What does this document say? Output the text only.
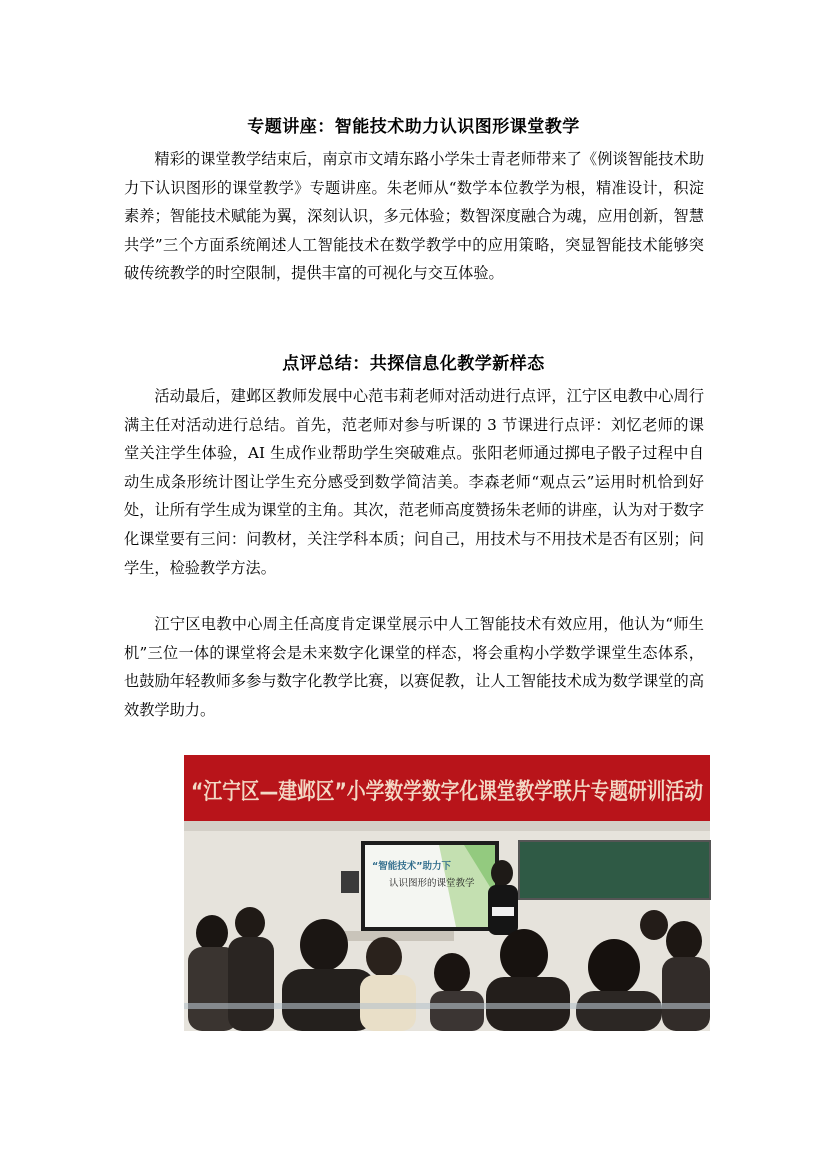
专题讲座：智能技术助力认识图形课堂教学

精彩的课堂教学结束后，南京市文靖东路小学朱士青老师带来了《例谈智能技术助力下认识图形的课堂教学》专题讲座。朱老师从“数学本位教学为根，精准设计，积淀素养；智能技术赋能为翼，深刻认识，多元体验；数智深度融合为魂，应用创新，智慧共学”三个方面系统阐述人工智能技术在数学教学中的应用策略，突显智能技术能够突破传统教学的时空限制，提供丰富的可视化与交互体验。

点评总结：共探信息化教学新样态

活动最后，建邺区教师发展中心范韦莉老师对活动进行点评，江宁区电教中心周行满主任对活动进行总结。首先，范老师对参与听课的 3 节课进行点评：刘忆老师的课堂关注学生体验，AI 生成作业帮助学生突破难点。张阳老师通过掷电子骰子过程中自动生成条形统计图让学生充分感受到数学简洁美。李森老师“观点云”运用时机恰到好处，让所有学生成为课堂的主角。其次，范老师高度赞扬朱老师的讲座，认为对于数字化课堂要有三问：问教材，关注学科本质；问自己，用技术与不用技术是否有区别；问学生，检验教学方法。

江宁区电教中心周主任高度肯定课堂展示中人工智能技术有效应用，他认为“师生机”三位一体的课堂将会是未来数字化课堂的样态，将会重构小学数学课堂生态体系，也鼓励年轻教师多参与数字化教学比赛，以赛促教，让人工智能技术成为数学课堂的高效教学助力。

“江宁区—建邺区”小学数学数字化课堂教学联片专题研训活动
“智能技术”助力下
认识图形的课堂教学
